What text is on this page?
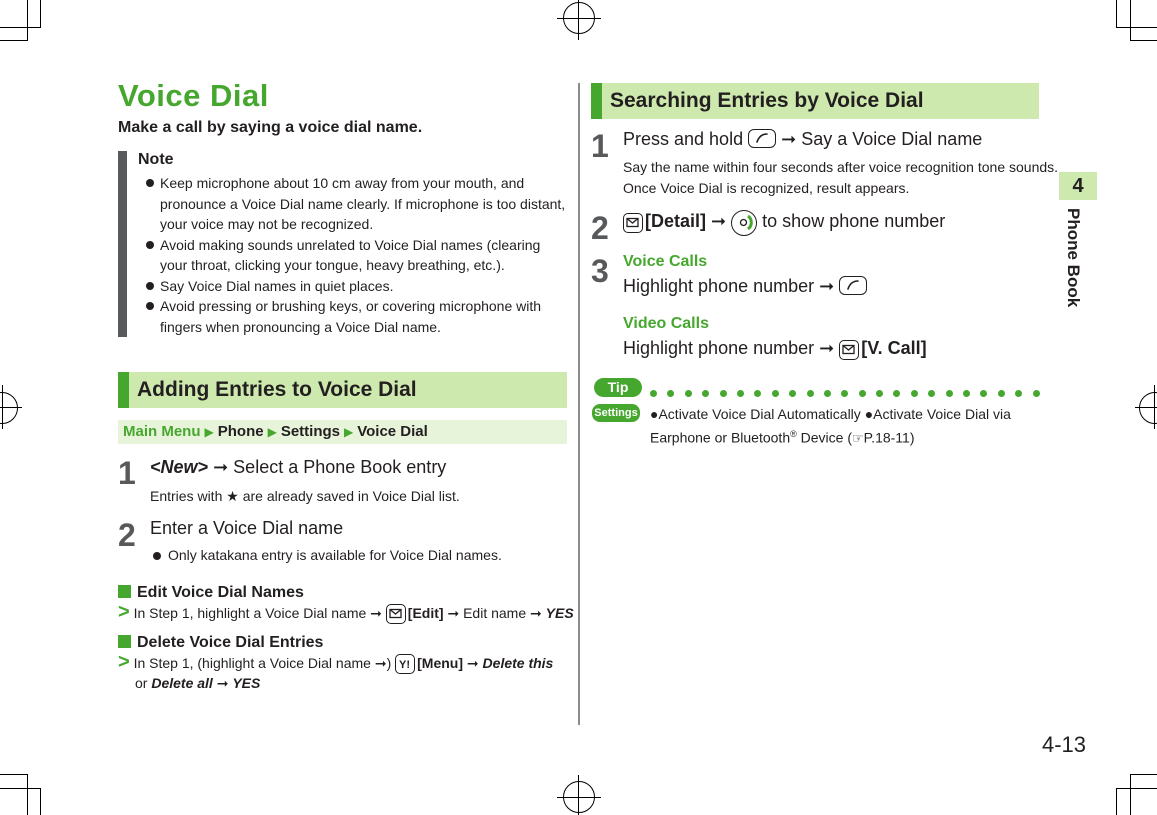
Voice Dial
Make a call by saying a voice dial name.
Note
Keep microphone about 10 cm away from your mouth, and pronounce a Voice Dial name clearly. If microphone is too distant, your voice may not be recognized.
Avoid making sounds unrelated to Voice Dial names (clearing your throat, clicking your tongue, heavy breathing, etc.).
Say Voice Dial names in quiet places.
Avoid pressing or brushing keys, or covering microphone with fingers when pronouncing a Voice Dial name.
Adding Entries to Voice Dial
Main Menu ▶ Phone ▶ Settings ▶ Voice Dial
1 <New> ➞ Select a Phone Book entry
Entries with ★ are already saved in Voice Dial list.
2 Enter a Voice Dial name
Only katakana entry is available for Voice Dial names.
Edit Voice Dial Names
> In Step 1, highlight a Voice Dial name ➞ [Edit] ➞ Edit name ➞ YES
Delete Voice Dial Entries
> In Step 1, (highlight a Voice Dial name ➞) Y! [Menu] ➞ Delete this
or Delete all ➞ YES
Searching Entries by Voice Dial
1 Press and hold ➞ Say a Voice Dial name
Say the name within four seconds after voice recognition tone sounds.
Once Voice Dial is recognized, result appears.
2	[Detail] ➞ to show phone number
3 Voice Calls
Highlight phone number ➞
Video Calls
Highlight phone number ➞ [V. Call]
Tip
Settings ●Activate Voice Dial Automatically ●Activate Voice Dial via
Earphone or Bluetooth® Device (☞P.18-11)
4
Phone Book
4-13
